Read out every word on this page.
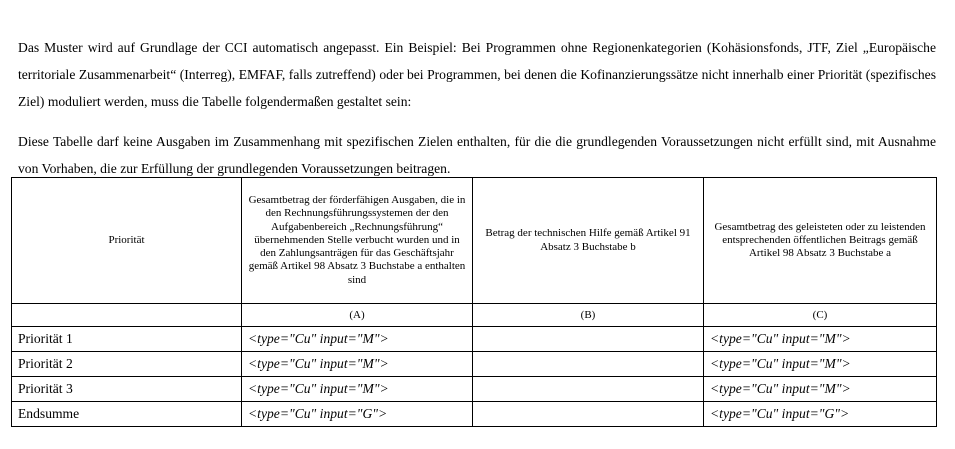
Das Muster wird auf Grundlage der CCI automatisch angepasst. Ein Beispiel: Bei Programmen ohne Regionenkategorien (Kohäsionsfonds, JTF, Ziel „Europäische territoriale Zusammenarbeit“ (Interreg), EMFAF, falls zutreffend) oder bei Programmen, bei denen die Kofinanzierungssätze nicht innerhalb einer Priorität (spezifisches Ziel) moduliert werden, muss die Tabelle folgendermaßen gestaltet sein:

Diese Tabelle darf keine Ausgaben im Zusammenhang mit spezifischen Zielen enthalten, für die die grundlegenden Voraussetzungen nicht erfüllt sind, mit Ausnahme von Vorhaben, die zur Erfüllung der grundlegenden Voraussetzungen beitragen.

Priorität	Gesamtbetrag der förderfähigen Ausgaben, die in den Rechnungsführungssystemen der den Aufgabenbereich „Rechnungsführung“ übernehmenden Stelle verbucht wurden und in den Zahlungsanträgen für das Geschäftsjahr gemäß Artikel 98 Absatz 3 Buchstabe a enthalten sind	Betrag der technischen Hilfe gemäß Artikel 91 Absatz 3 Buchstabe b	Gesamtbetrag des geleisteten oder zu leistenden entsprechenden öffentlichen Beitrags gemäß Artikel 98 Absatz 3 Buchstabe a
	(A)	(B)	(C)
Priorität 1	<type="Cu" input="M">		<type="Cu" input="M">
Priorität 2	<type="Cu" input="M">		<type="Cu" input="M">
Priorität 3	<type="Cu" input="M">		<type="Cu" input="M">
Endsumme	<type="Cu" input="G">		<type="Cu" input="G">
